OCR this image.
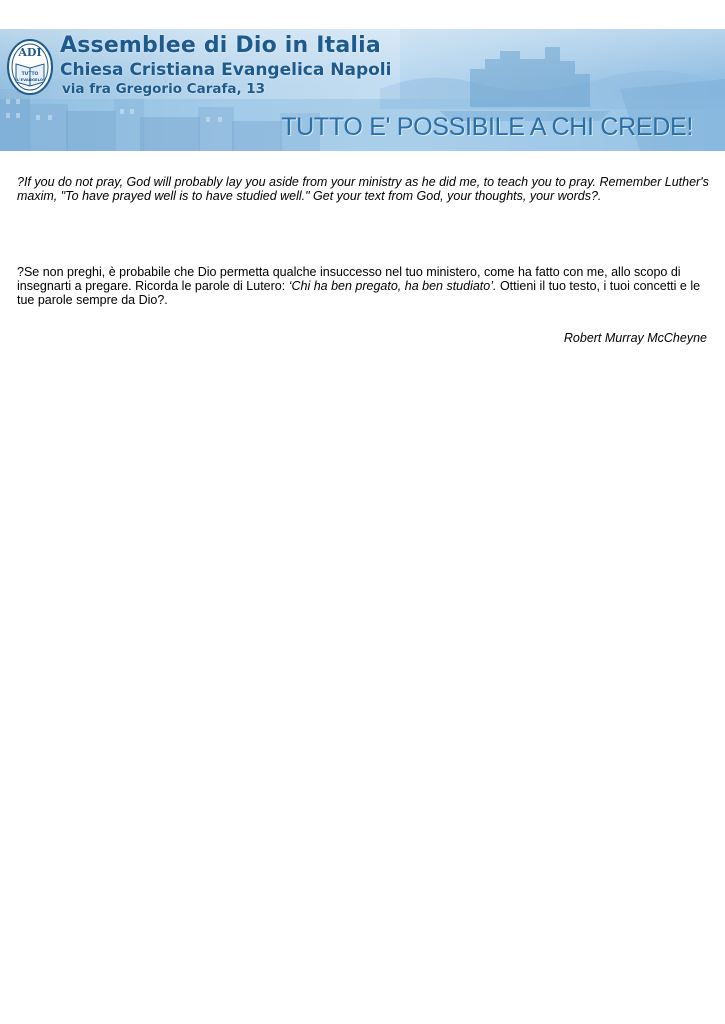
ADI
TUTTO
L'EVANGELO
Assemblee di Dio in Italia
Chiesa Cristiana Evangelica Napoli
via fra Gregorio Carafa, 13
TUTTO E' POSSIBILE A CHI CREDE!

?If you do not pray, God will probably lay you aside from your ministry as he did me, to teach you to pray. Remember Luther's maxim, "To have prayed well is to have studied well." Get your text from God, your thoughts, your words?.

?Se non preghi, è probabile che Dio permetta qualche insuccesso nel tuo ministero, come ha fatto con me, allo scopo di insegnarti a pregare. Ricorda le parole di Lutero: ‘Chi ha ben pregato, ha ben studiato’. Ottieni il tuo testo, i tuoi concetti e le tue parole sempre da Dio?.

Robert Murray McCheyne
